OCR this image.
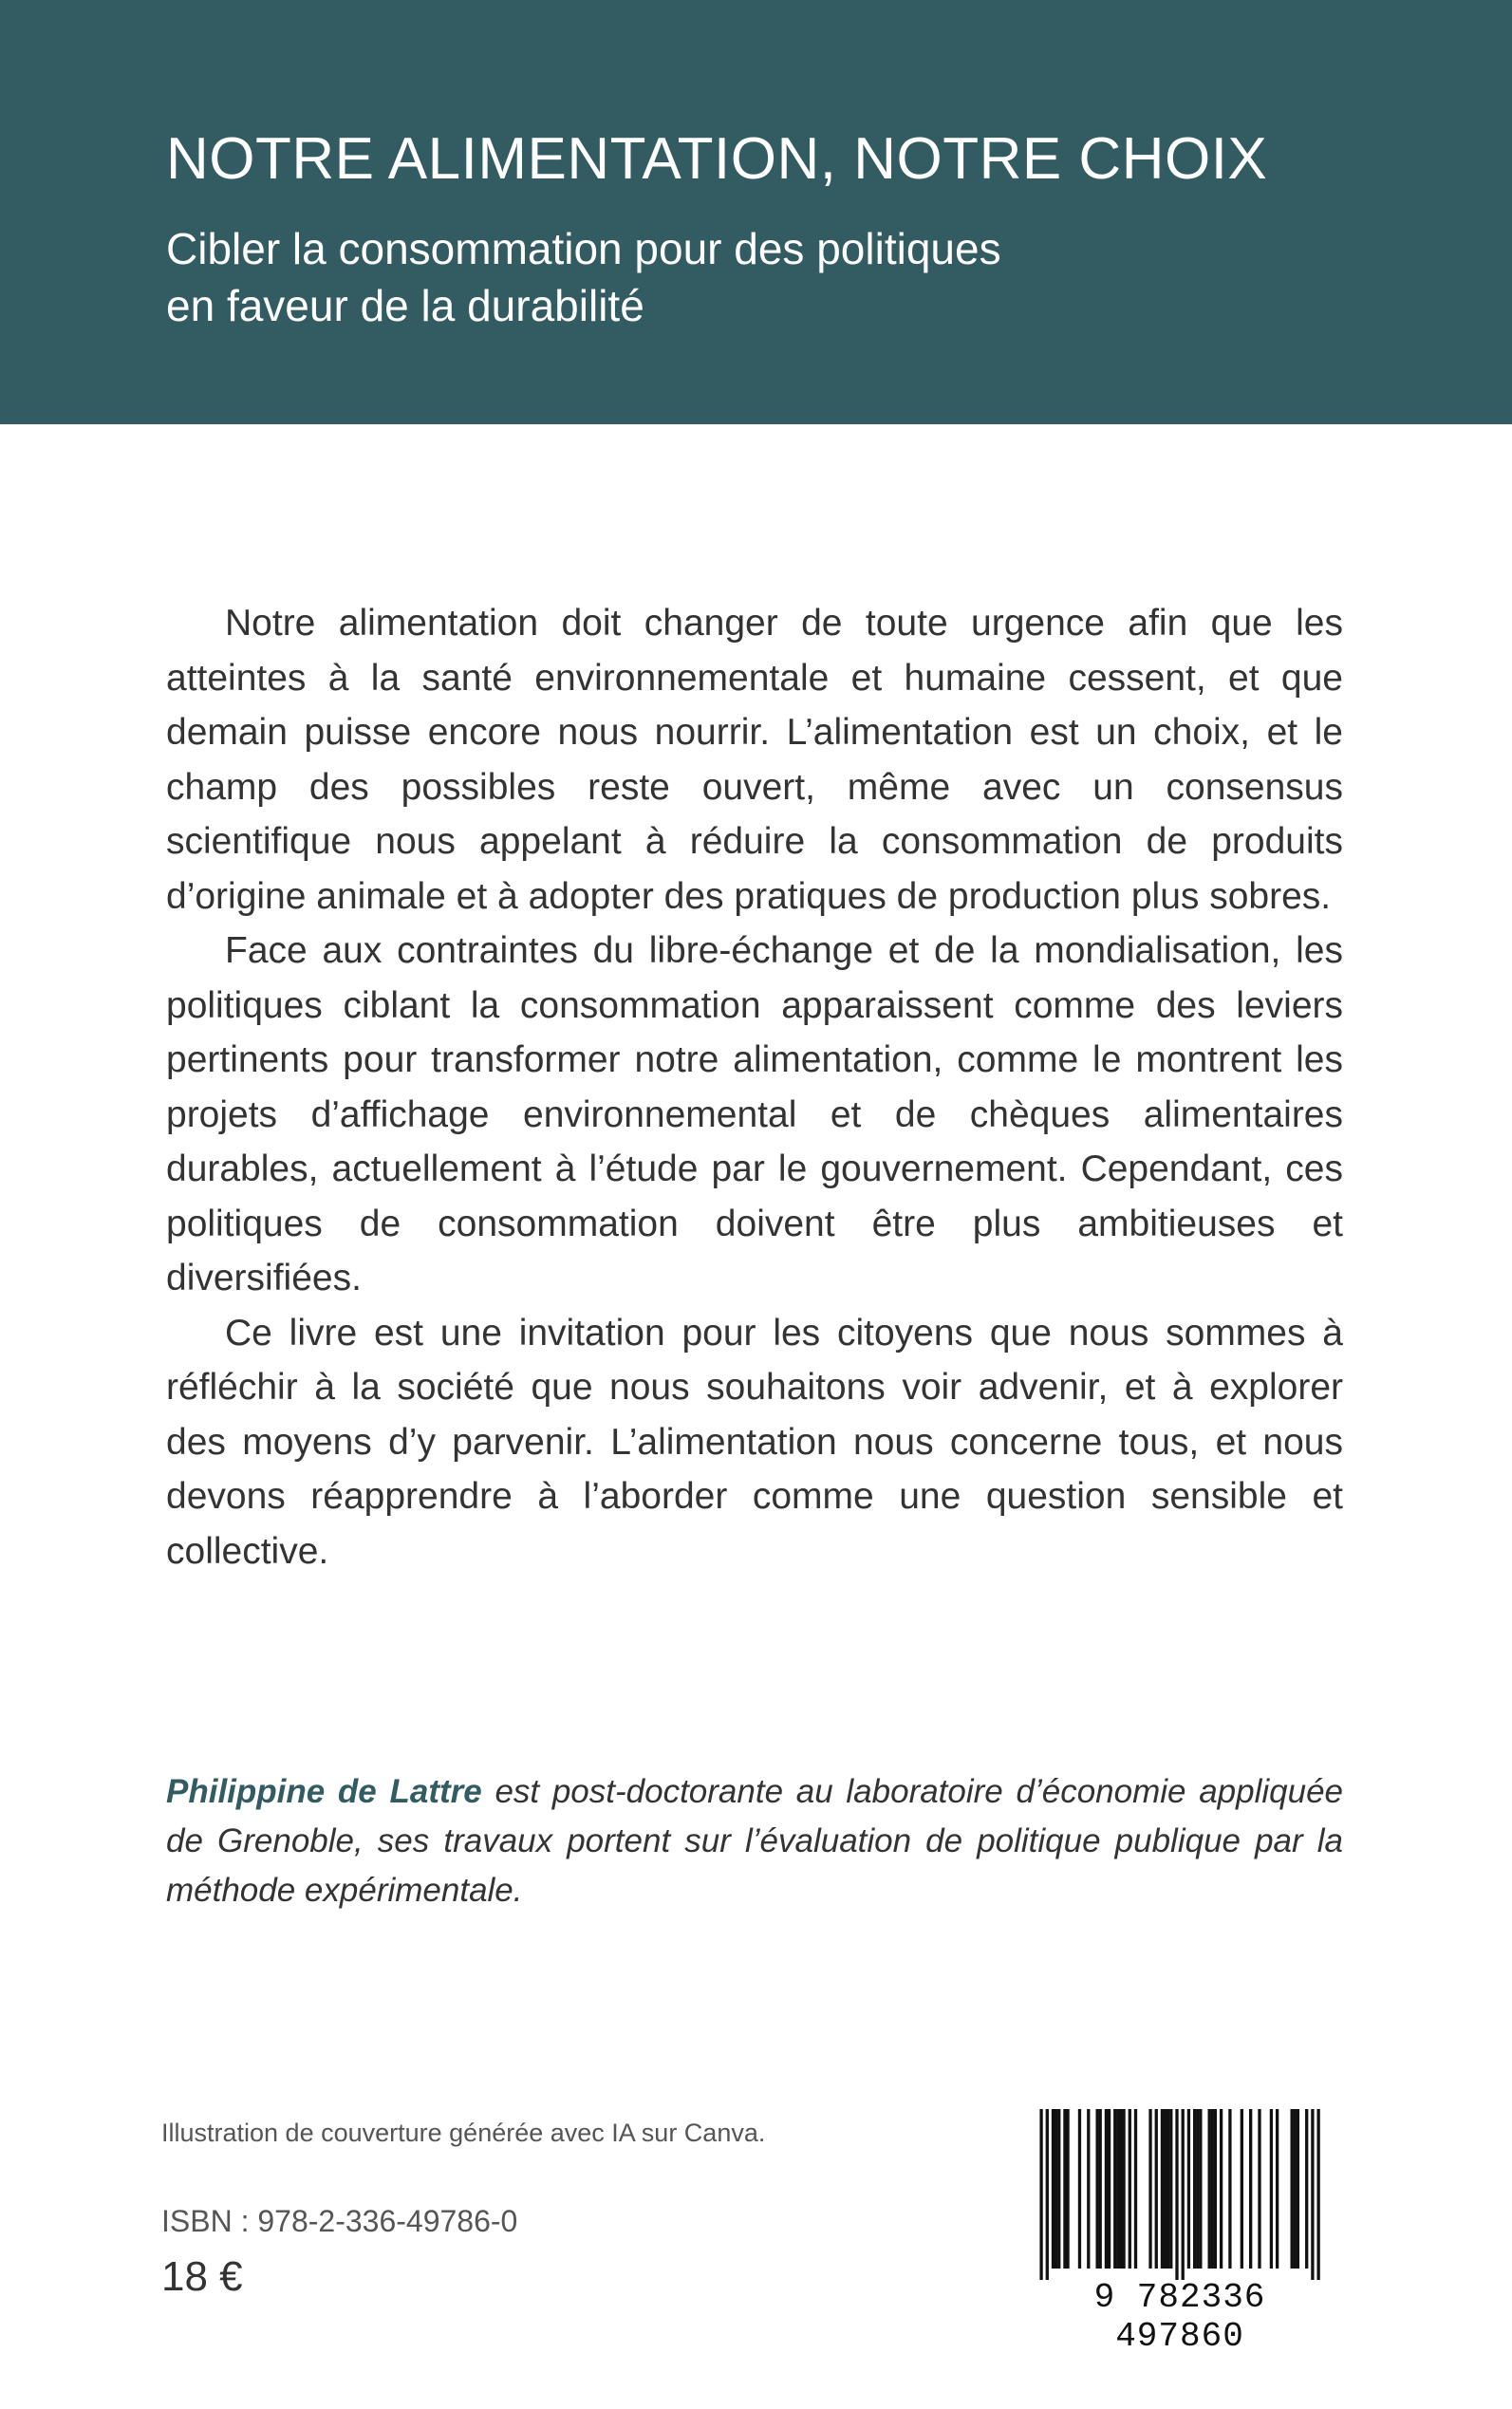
NOTRE ALIMENTATION, NOTRE CHOIX
Cibler la consommation pour des politiques
en faveur de la durabilité

Notre alimentation doit changer de toute urgence afin que les atteintes à la santé environnementale et humaine cessent, et que demain puisse encore nous nourrir. L’alimentation est un choix, et le champ des possibles reste ouvert, même avec un consensus scientifique nous appelant à réduire la consommation de produits d’origine animale et à adopter des pratiques de production plus sobres.

Face aux contraintes du libre-échange et de la mondialisation, les politiques ciblant la consommation apparaissent comme des leviers pertinents pour transformer notre alimentation, comme le montrent les projets d’affichage environnemental et de chèques alimentaires durables, actuellement à l’étude par le gouvernement. Cependant, ces politiques de consommation doivent être plus ambitieuses et diversifiées.

Ce livre est une invitation pour les citoyens que nous sommes à réfléchir à la société que nous souhaitons voir advenir, et à explorer des moyens d’y parvenir. L’alimentation nous concerne tous, et nous devons réapprendre à l’aborder comme une question sensible et collective.

Philippine de Lattre est post-doctorante au laboratoire d’économie appliquée de Grenoble, ses travaux portent sur l’évaluation de politique publique par la méthode expérimentale.

Illustration de couverture générée avec IA sur Canva.

ISBN : 978-2-336-49786-0

18 €	9 782336 497860
